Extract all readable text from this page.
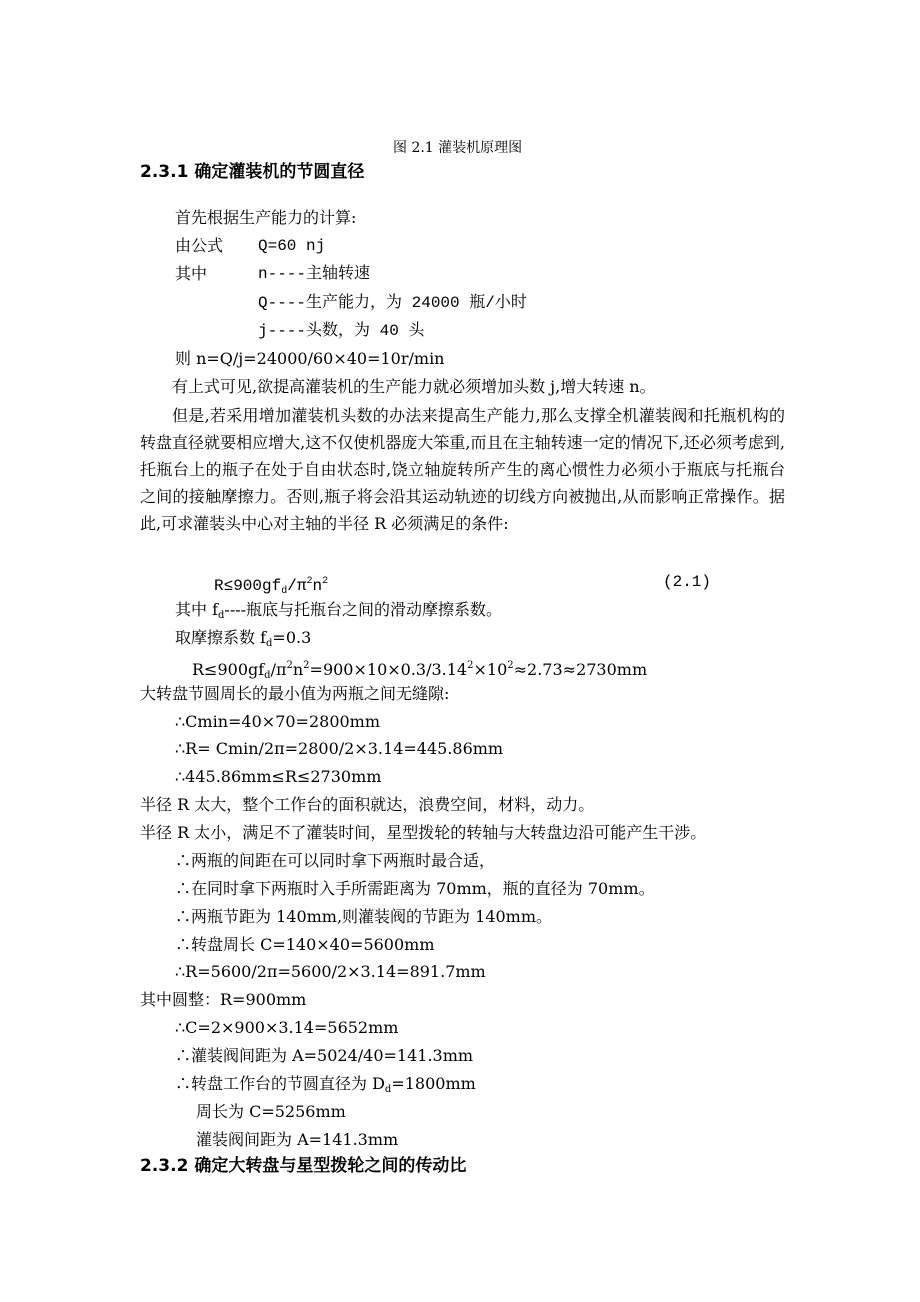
图 2.1 灌装机原理图
2.3.1 确定灌装机的节圆直径
首先根据生产能力的计算:
由公式 Q=60 nj
其中	n----主轴转速
Q----生产能力，为 24000 瓶/小时
j----头数，为 40 头
则 n=Q/j=24000/60×40=10r/min
有上式可见,欲提高灌装机的生产能力就必须增加头数 j,增大转速 n。
但是,若采用增加灌装机头数的办法来提高生产能力,那么支撑全机灌装阀和托瓶机构的转盘直径就要相应增大,这不仅使机器庞大笨重,而且在主轴转速一定的情况下,还必须考虑到,托瓶台上的瓶子在处于自由状态时,饶立轴旋转所产生的离心惯性力必须小于瓶底与托瓶台之间的接触摩擦力。否则,瓶子将会沿其运动轨迹的切线方向被抛出,从而影响正常操作。据此,可求灌装头中心对主轴的半径 R 必须满足的条件:
$R\le 900gf_d/\pi^2n^2$	(2.1)
其中 $f_d----$瓶底与托瓶台之间的滑动摩擦系数。
取摩擦系数 $f_d=0.3$
$R\le 900gf_d/\pi^2n^2=900\times 10\times 0.3/3.14^2\times 10^2\approx 2.73\approx 2730mm$
大转盘节圆周长的最小值为两瓶之间无缝隙:
∴Cmin=40×70=2800mm
∴R= Cmin/2π=2800/2×3.14=445.86mm
∴445.86mm≤R≤2730mm
半径 R 太大，整个工作台的面积就达，浪费空间，材料，动力。
半径 R 太小，满足不了灌装时间，星型拨轮的转轴与大转盘边沿可能产生干涉。
∴两瓶的间距在可以同时拿下两瓶时最合适，
∴在同时拿下两瓶时入手所需距离为 70mm，瓶的直径为 70mm。
∴两瓶节距为 140mm,则灌装阀的节距为 140mm。
∴转盘周长 C=140×40=5600mm
∴R=5600/2π=5600/2×3.14=891.7mm
其中圆整：R=900mm
∴C=2×900×3.14=5652mm
∴灌装阀间距为 A=5024/40=141.3mm
∴转盘工作台的节圆直径为 $D_d=1800mm$
周长为 C=5256mm
灌装阀间距为 A=141.3mm
2.3.2 确定大转盘与星型拨轮之间的传动比
